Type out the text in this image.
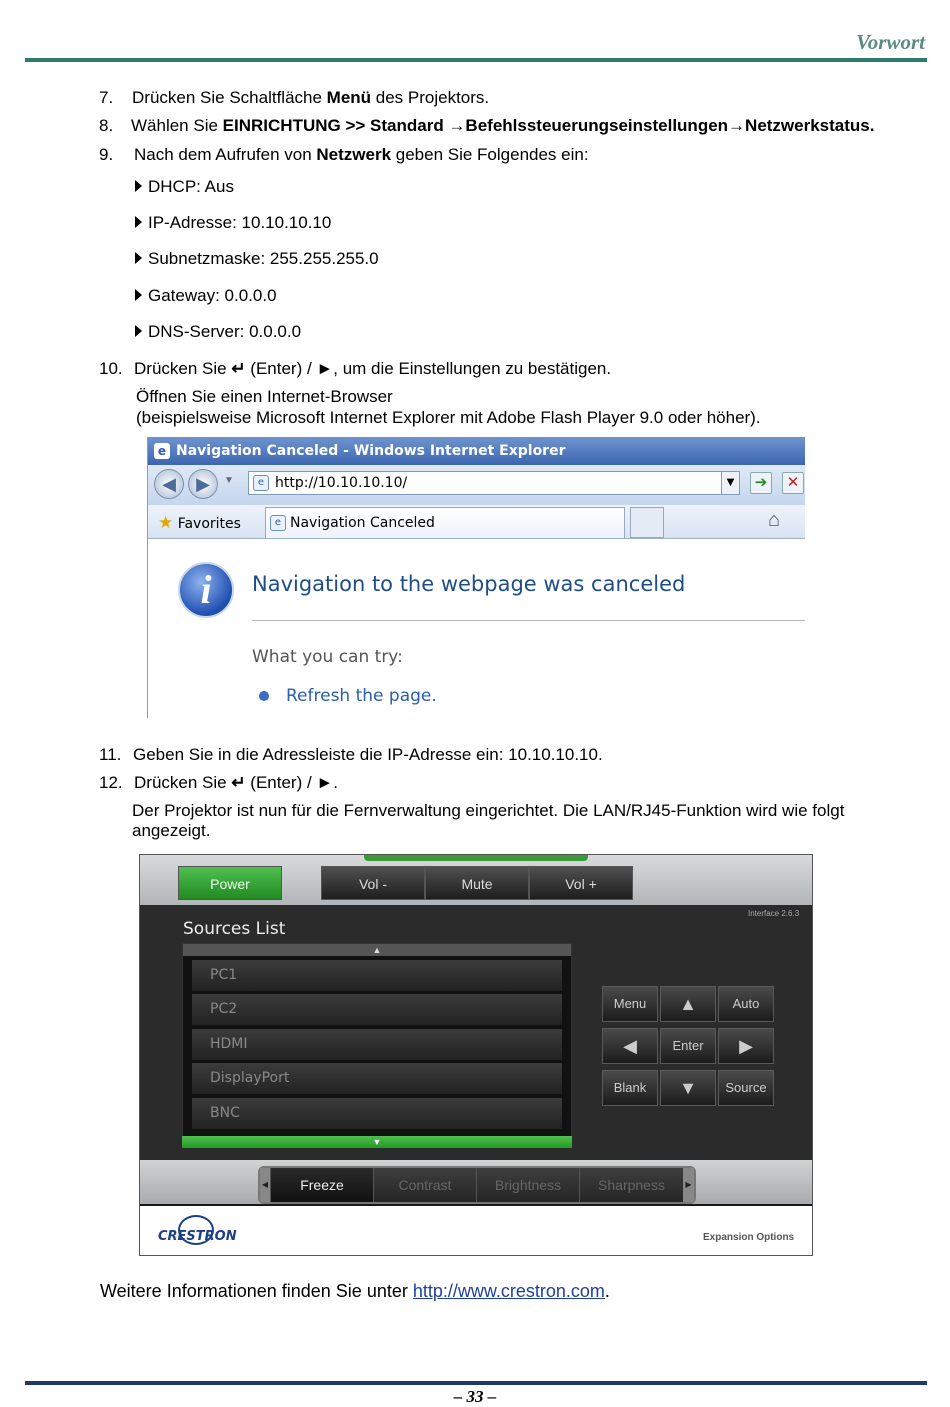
Vorwort
7. Drücken Sie Schaltfläche Menü des Projektors.
8. Wählen Sie EINRICHTUNG >> Standard →Befehlssteuerungseinstellungen→Netzwerkstatus.
9. Nach dem Aufrufen von Netzwerk geben Sie Folgendes ein:
DHCP: Aus
IP-Adresse: 10.10.10.10
Subnetzmaske: 255.255.255.0
Gateway: 0.0.0.0
DNS-Server: 0.0.0.0
10. Drücken Sie ↵ (Enter) / ►, um die Einstellungen zu bestätigen.
Öffnen Sie einen Internet-Browser
(beispielsweise Microsoft Internet Explorer mit Adobe Flash Player 9.0 oder höher).
e Navigation Canceled - Windows Internet Explorer
◀	▶	▼	e http://10.10.10.10/	▼	➔	✕
★ Favorites	e Navigation Canceled	⌂
i	Navigation to the webpage was canceled
What you can try:
Refresh the page.
11. Geben Sie in die Adressleiste die IP-Adresse ein: 10.10.10.10.
12. Drücken Sie ↵ (Enter) / ►.
Der Projektor ist nun für die Fernverwaltung eingerichtet. Die LAN/RJ45-Funktion wird wie folgt angezeigt.
Power	Vol -	Mute	Vol +
Interface 2.6.3
Sources List
▲
PC1
PC2
HDMI
DisplayPort
BNC
▼
Menu	▲	Auto
◀	Enter	▶
Blank	▼	Source
◀	Freeze	Contrast	Brightness	Sharpness	▶
CRESTRON	Expansion Options
Weitere Informationen finden Sie unter http://www.crestron.com.
– 33 –
